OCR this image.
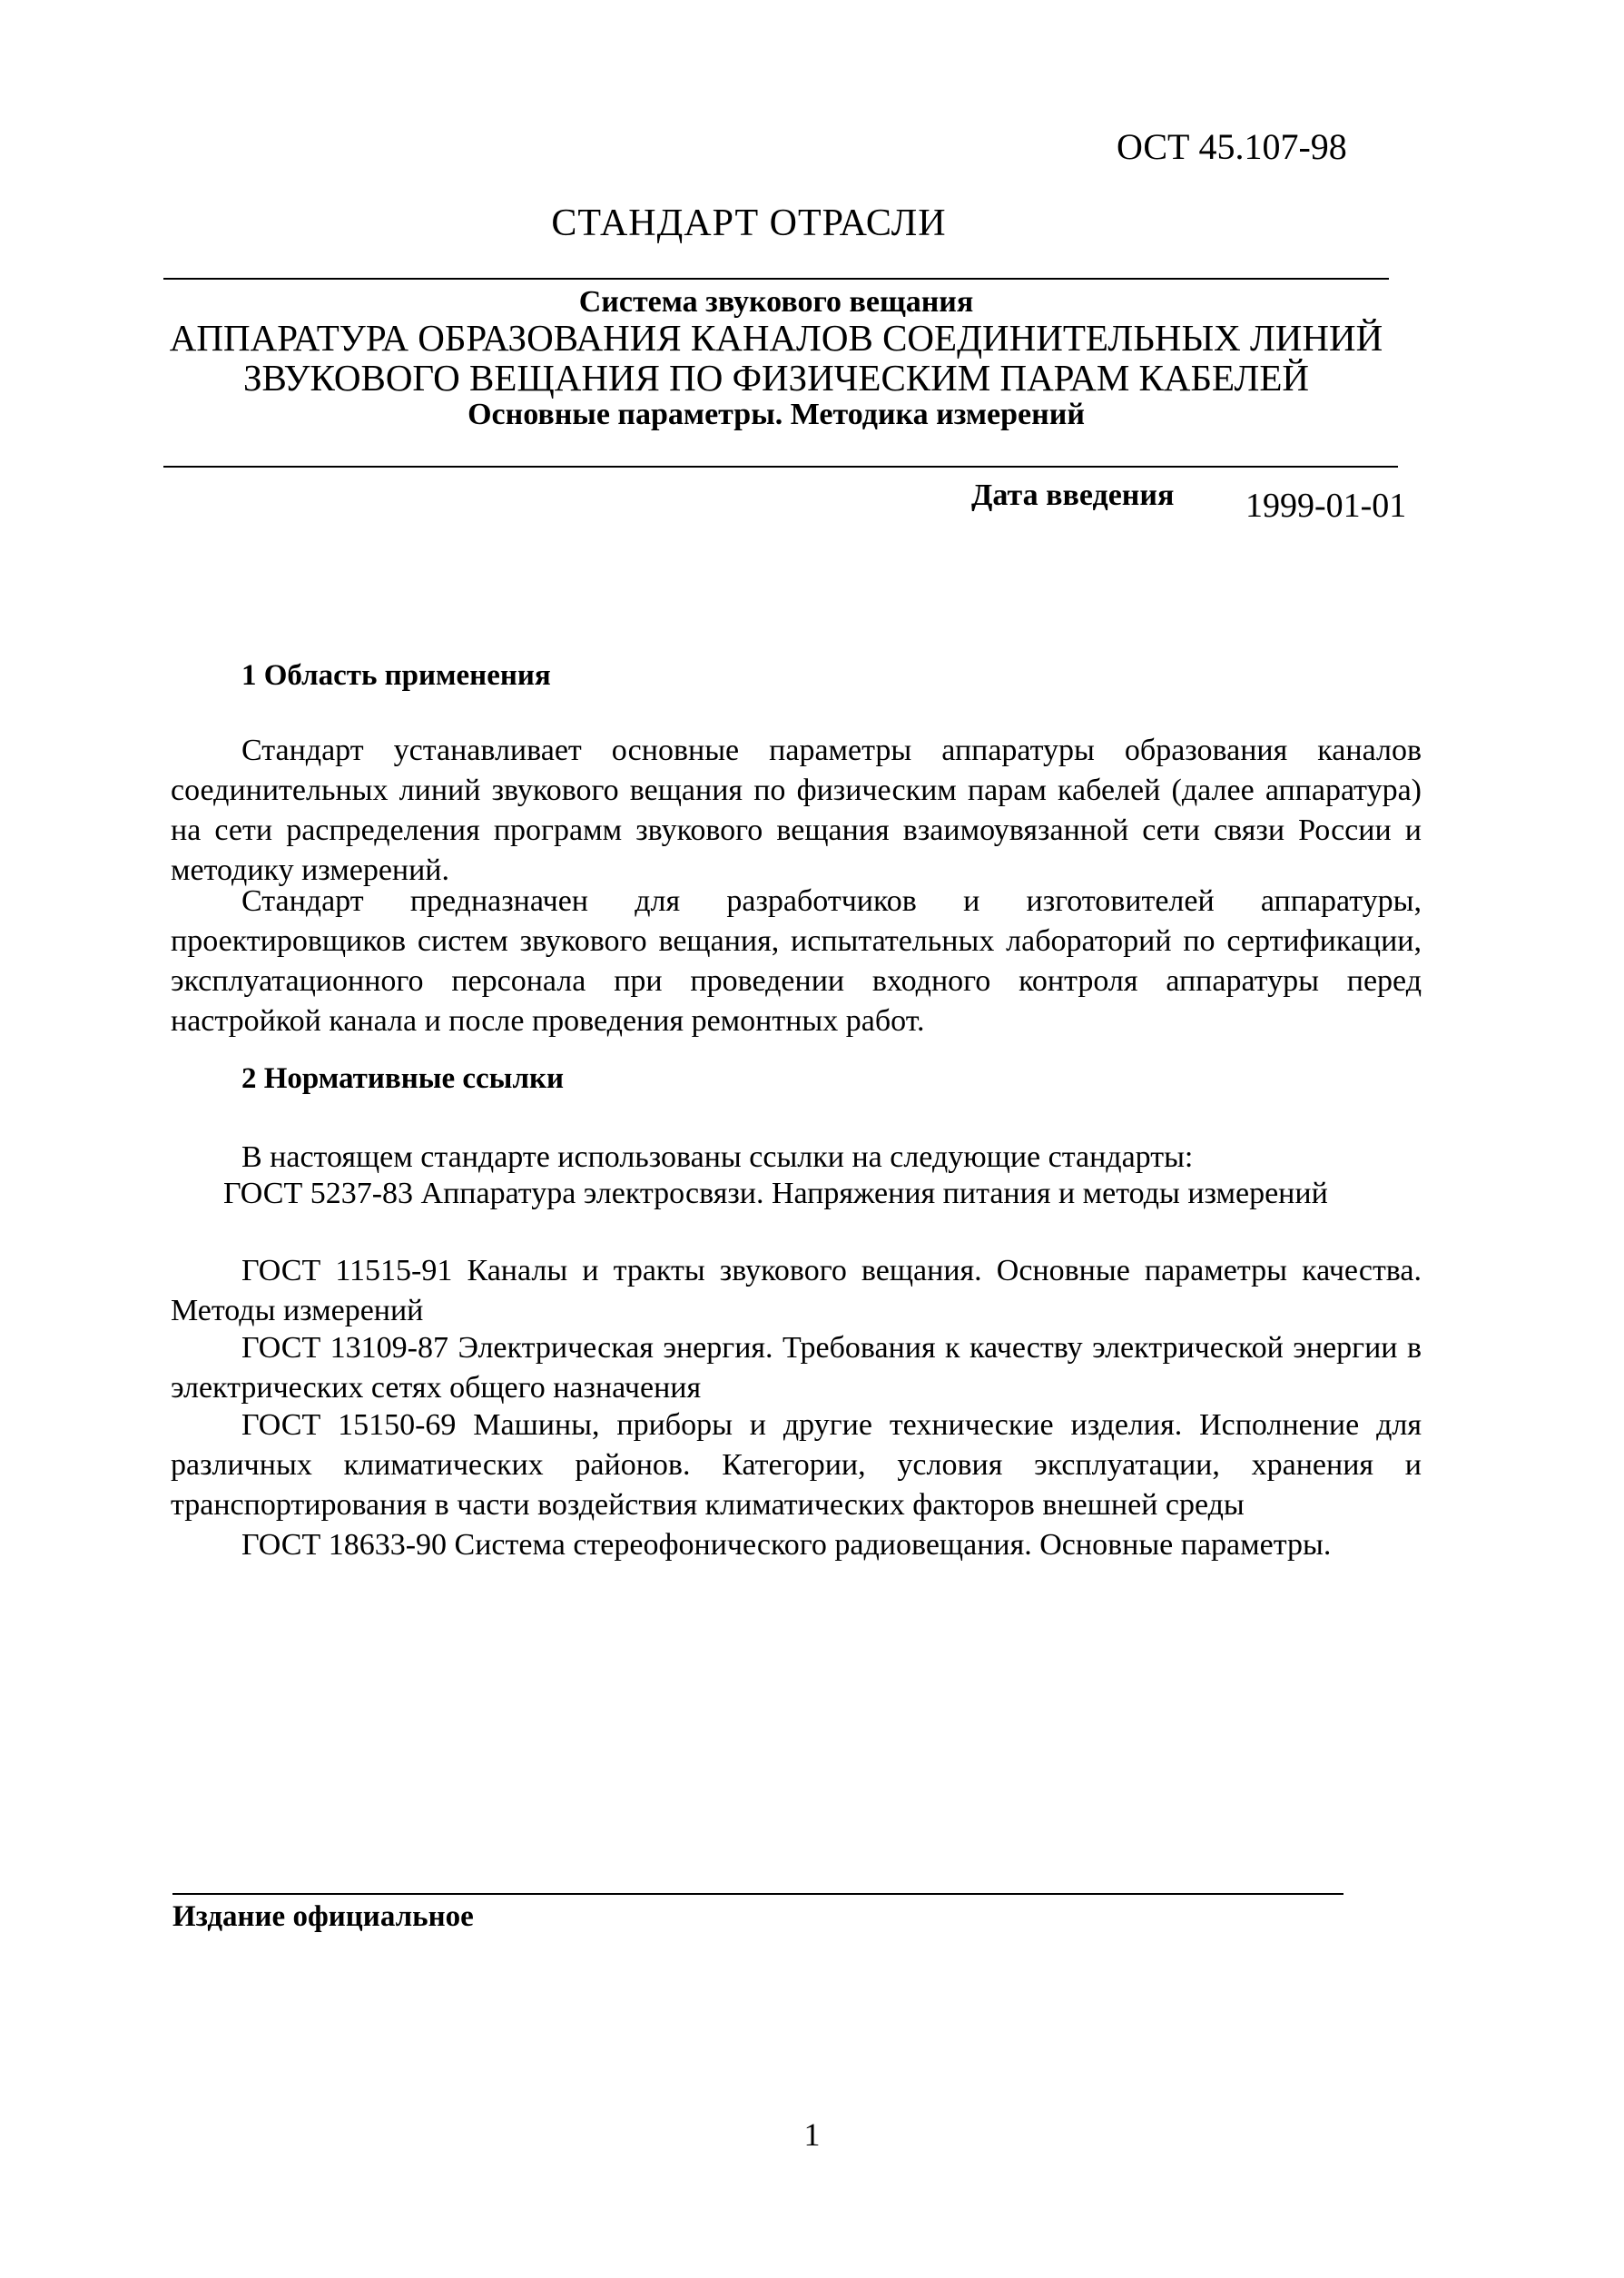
ОСТ 45.107-98
СТАНДАРТ ОТРАСЛИ
Система звукового вещания
АППАРАТУРА ОБРАЗОВАНИЯ КАНАЛОВ СОЕДИНИТЕЛЬНЫХ ЛИНИЙ
ЗВУКОВОГО ВЕЩАНИЯ ПО ФИЗИЧЕСКИМ ПАРАМ КАБЕЛЕЙ
Основные параметры. Методика измерений
Дата введения 1999-01-01
1 Область применения
Стандарт устанавливает основные параметры аппаратуры образования каналов соединительных линий звукового вещания по физическим парам кабелей (далее аппаратура) на сети распределения программ звукового вещания взаимоувязанной сети связи России и методику измерений.
Стандарт предназначен для разработчиков и изготовителей аппаратуры, проектировщиков систем звукового вещания, испытательных лабораторий по сертификации, эксплуатационного персонала при проведении входного контроля аппаратуры перед настройкой канала и после проведения ремонтных работ.
2 Нормативные ссылки
В настоящем стандарте использованы ссылки на следующие стандарты:
ГОСТ 5237-83 Аппаратура электросвязи. Напряжения питания и методы измерений
ГОСТ 11515-91 Каналы и тракты звукового вещания. Основные параметры качества. Методы измерений
ГОСТ 13109-87 Электрическая энергия. Требования к качеству электрической энергии в электрических сетях общего назначения
ГОСТ 15150-69 Машины, приборы и другие технические изделия. Исполнение для различных климатических районов. Категории, условия эксплуатации, хранения и транспортирования в части воздействия климатических факторов внешней среды
ГОСТ 18633-90 Система стереофонического радиовещания. Основные параметры.
Издание официальное
1
